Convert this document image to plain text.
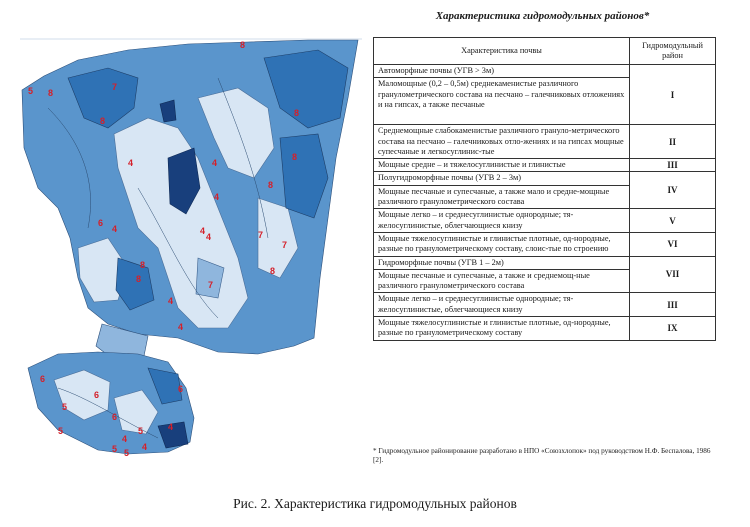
5 8
7
8
8
8
8
4	4
8
4
7
8
6
4	4	7
7
8
8
4
4
4
6
6
5
5
6
4
5
6
4
4
5
5
Характеристика гидромодульных районов*
Характеристика почвы	Гидромодульный район
Автоморфные почвы (УГВ > 3м)	I
Маломощные (0,2 – 0,5м) среднекаменистые различного гранулометрического состава на песчано – галечниковых отложениях и на гипсах, а также песчаные	
Среднемощные слабокаменистые различного грануло-метрического состава на песчано – галечниковых отло-жениях и на гипсах мощные супесчаные и легкосуглинис-тые	II
Мощные средне – и тяжелосуглинистые и глинистые	III
Полугидроморфные почвы (УГВ 2 – 3м)	IV
Мощные песчаные и супесчаные, а также мало и средне-мощные различного гранулометрического состава	
Мощные легко – и среднесуглинистые однородные; тя-желосуглинистые, облегчающиеся книзу	V
Мощные тяжелосуглинистые и глинистые плотные, од-нородные, разные по гранулометрическому составу, слоис-тые по строению	VI
Гидроморфные почвы (УГВ 1 – 2м)	VII
Мощные песчаные и супесчаные, а также и среднемощ-ные различного гранулометрического состава	
Мощные легко – и среднесуглинистые однородные; тя-желосуглинистые, облегчающиеся книзу	III
Мощные тяжелосуглинистые и глинистые плотные, од-нородные, разные по гранулометрическому составу	IX
* Гидромодульное районирование разработано в НПО «Союзхлопок» под руководством Н.Ф. Беспалова, 1986 [2].
Рис. 2. Характеристика гидромодульных районов
